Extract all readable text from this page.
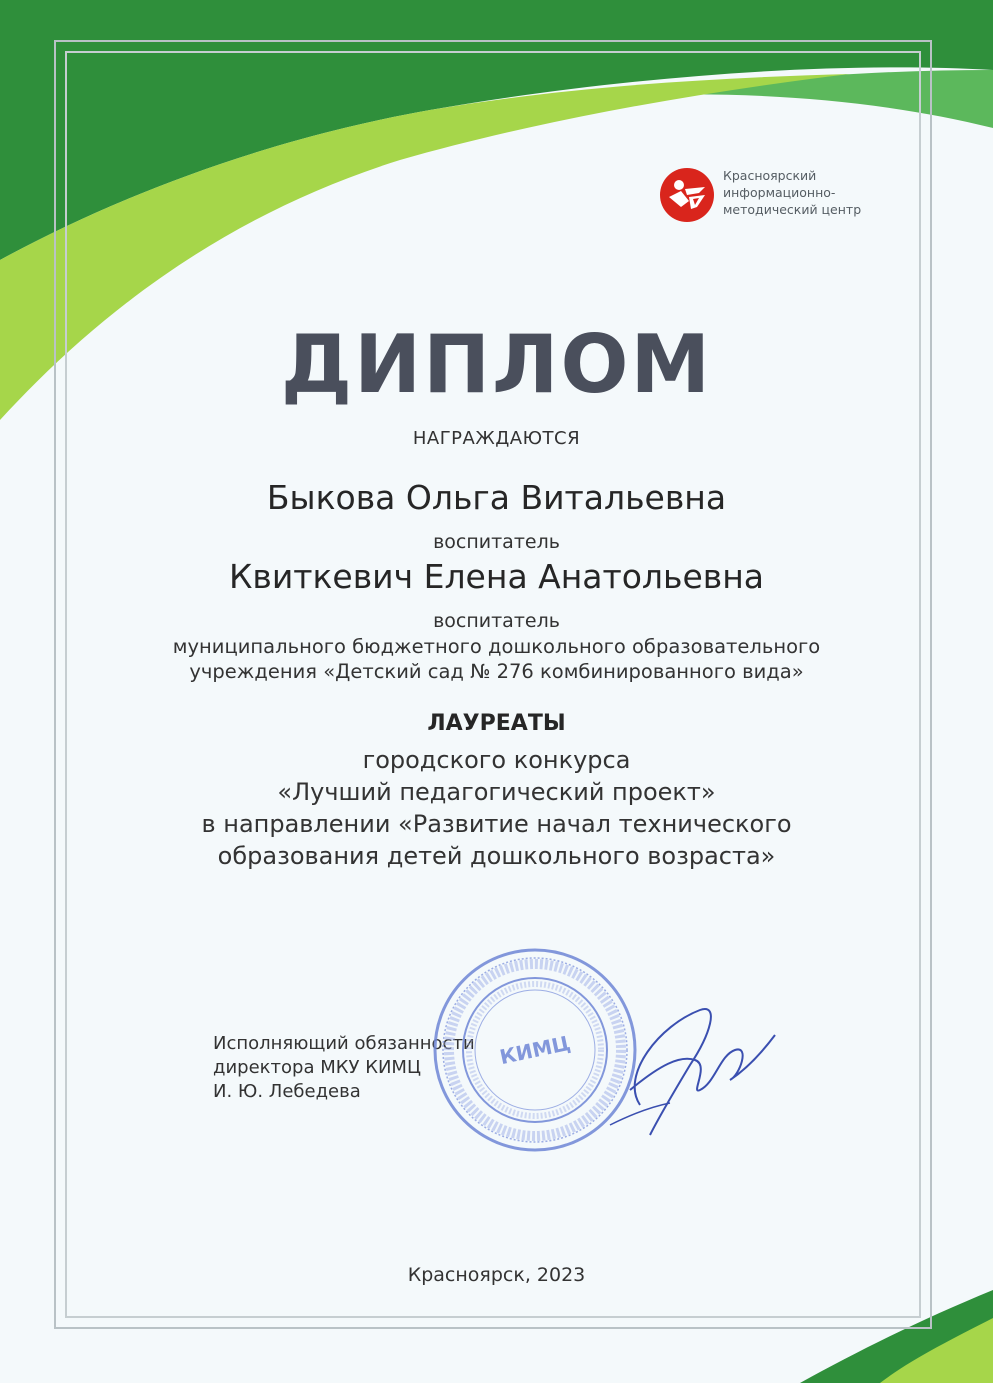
Красноярский
информационно-
методический центр
ДИПЛОМ
НАГРАЖДАЮТСЯ
Быкова Ольга Витальевна
воспитатель
Квиткевич Елена Анатольевна
воспитатель
муниципального бюджетного дошкольного образовательного
учреждения «Детский сад № 276 комбинированного вида»
ЛАУРЕАТЫ
городского конкурса
«Лучший педагогический проект»
в направлении «Развитие начал технического
образования детей дошкольного возраста»
Исполняющий обязанности
директора МКУ КИМЦ
И. Ю. Лебедева
КИМЦ
Красноярск, 2023
